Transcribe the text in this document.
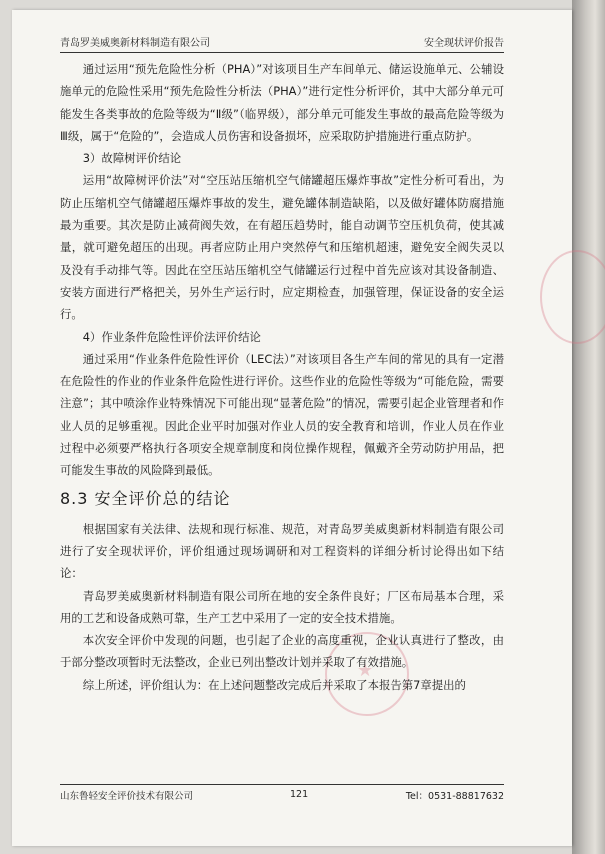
★
青岛罗美威奥新材料制造有限公司	安全现状评价报告

通过运用“预先危险性分析（PHA）”对该项目生产车间单元、储运设施单元、公辅设施单元的危险性采用“预先危险性分析法（PHA）”进行定性分析评价，其中大部分单元可能发生各类事故的危险等级为“Ⅱ级”（临界级），部分单元可能发生事故的最高危险等级为Ⅲ级，属于“危险的”，会造成人员伤害和设备损坏，应采取防护措施进行重点防护。

3）故障树评价结论

运用“故障树评价法”对“空压站压缩机空气储罐超压爆炸事故”定性分析可看出，为防止压缩机空气储罐超压爆炸事故的发生，避免罐体制造缺陷，以及做好罐体防腐措施最为重要。其次是防止减荷阀失效，在有超压趋势时，能自动调节空压机负荷，使其减量，就可避免超压的出现。再者应防止用户突然停气和压缩机超速，避免安全阀失灵以及没有手动排气等。因此在空压站压缩机空气储罐运行过程中首先应该对其设备制造、安装方面进行严格把关，另外生产运行时，应定期检查，加强管理，保证设备的安全运行。

4）作业条件危险性评价法评价结论

通过采用“作业条件危险性评价（LEC法）”对该项目各生产车间的常见的具有一定潜在危险性的作业的作业条件危险性进行评价。这些作业的危险性等级为“可能危险，需要注意”；其中喷涂作业特殊情况下可能出现“显著危险”的情况，需要引起企业管理者和作业人员的足够重视。因此企业平时加强对作业人员的安全教育和培训，作业人员在作业过程中必须要严格执行各项安全规章制度和岗位操作规程，佩戴齐全劳动防护用品，把可能发生事故的风险降到最低。

8.3 安全评价总的结论

根据国家有关法律、法规和现行标准、规范，对青岛罗美威奥新材料制造有限公司进行了安全现状评价，评价组通过现场调研和对工程资料的详细分析讨论得出如下结论：

青岛罗美威奥新材料制造有限公司所在地的安全条件良好；厂区布局基本合理，采用的工艺和设备成熟可靠，生产工艺中采用了一定的安全技术措施。

本次安全评价中发现的问题，也引起了企业的高度重视，企业认真进行了整改，由于部分整改项暂时无法整改，企业已列出整改计划并采取了有效措施。

综上所述，评价组认为：在上述问题整改完成后并采取了本报告第7章提出的

山东鲁轻安全评价技术有限公司	121	Tel：0531-88817632
